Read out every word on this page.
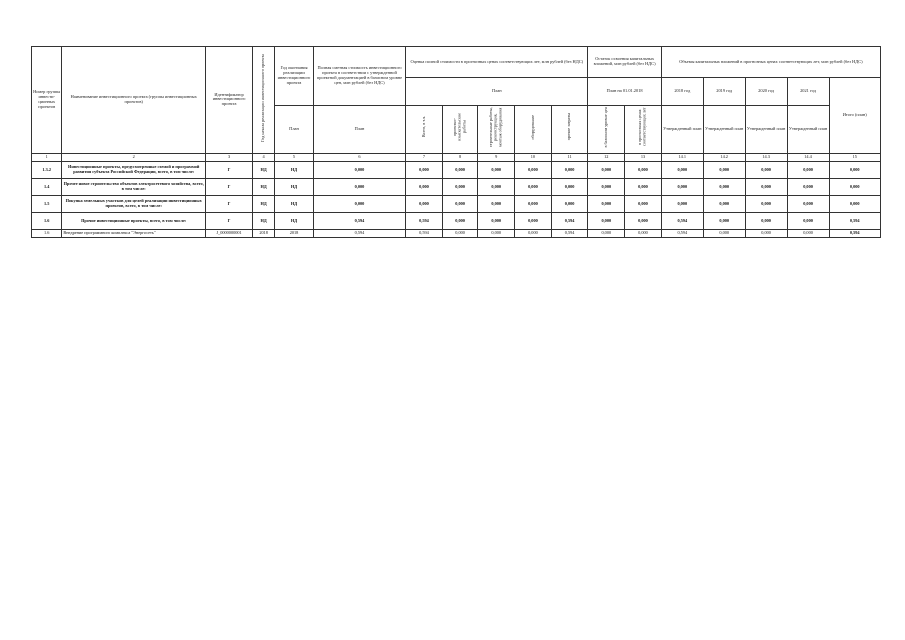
Номер группы инвести-ционных проектов	Наименование инвестиционного проекта (группы инвестиционных проектов)	Идентификатор инвестиционного проекта	Год начала реализации инвестиционного проекта	Год окончания реализации инвестиционного проекта	Полная сметная стоимость инвестиционного проекта в соответствии с утвержденной проектной документацией в базисном уровне цен, млн рублей (без НДС)	Оценка полной стоимости в прогнозных ценах соответствующих лет, млн рублей (без НДС)					Остаток освоения капитальных вложений, млн рублей (без НДС)		Объемы капитальных вложений в прогнозных ценах соответствующих лет, млн рублей (без НДС)				
						План					План на 01.01.2018		2018 год	2019 год	2020 год	2021 год	Итого (план)
				План	План	Всего, в т.ч.	проектно-изыскательские работы	строительные работы, реконструкция, монтаж оборудования	оборудование	прочие затраты	в базисном уровне цен	в прогнозных ценах соответствующих лет	Утвержденный план	Утвержденный план	Утвержденный план	Утвержденный план	
1	2	3	4	5	6	7	8	9	10	11	12	13	14.1	14.2	14.3	14.4	15
1.3.2	Инвестиционные проекты, предусмотренные схемой и программой развития субъекта Российской Федерации, всего, в том числе:	Г	НД	НД	0,000	0,000	0,000	0,000	0,000	0,000	0,000	0,000	0,000	0,000	0,000	0,000	0,000
1.4	Прочее новое строительство объектов электросетевого хозяйства, всего, в том числе:	Г	НД	НД	0,000	0,000	0,000	0,000	0,000	0,000	0,000	0,000	0,000	0,000	0,000	0,000	0,000
1.5	Покупка земельных участков для целей реализации инвестиционных проектов, всего, в том числе:	Г	НД	НД	0,000	0,000	0,000	0,000	0,000	0,000	0,000	0,000	0,000	0,000	0,000	0,000	0,000
1.6	Прочие инвестиционные проекты, всего, в том числе:	Г	НД	НД	0,594	0,594	0,000	0,000	0,000	0,594	0,000	0,000	0,594	0,000	0,000	0,000	0,594
1.6	Внедрение программного комплекса "Энергосеть"	J_0000000001	2018	2018	0,594	0,594	0,000	0,000	0,000	0,594	0,000	0,000	0,594	0,000	0,000	0,000	0,594
